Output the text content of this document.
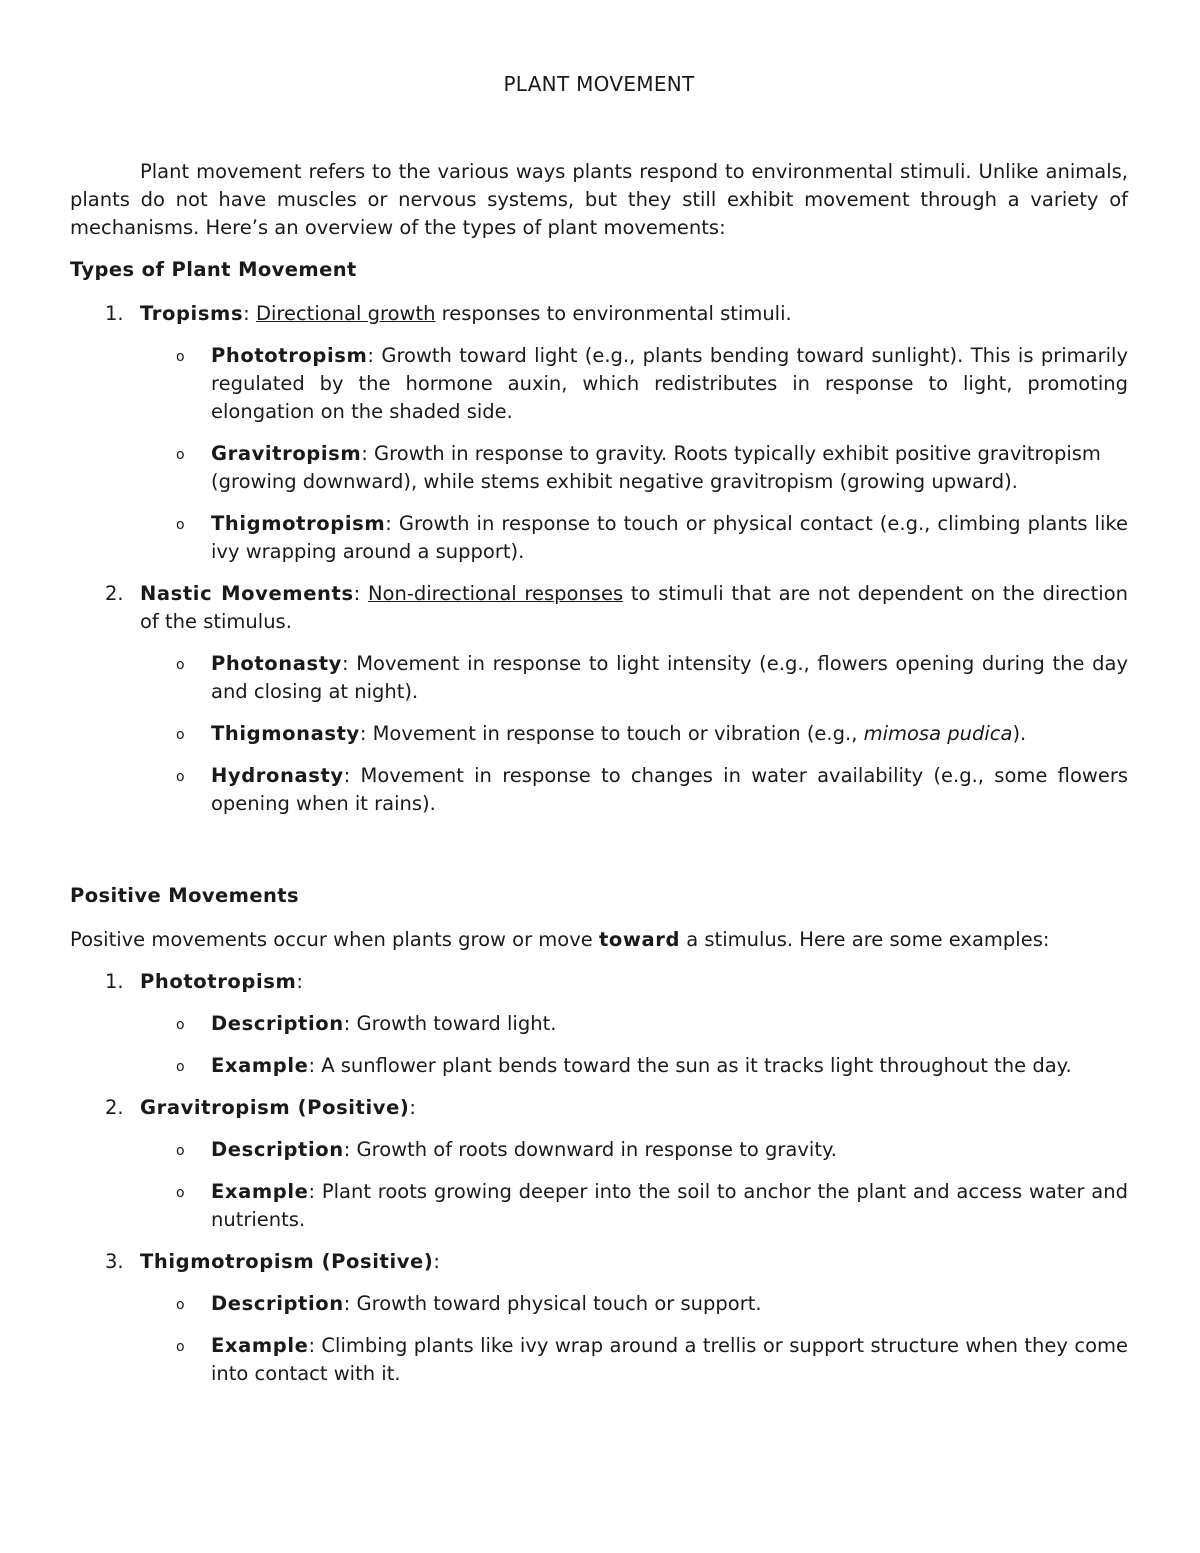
PLANT MOVEMENT

Plant movement refers to the various ways plants respond to environmental stimuli. Unlike animals, plants do not have muscles or nervous systems, but they still exhibit movement through a variety of mechanisms. Here’s an overview of the types of plant movements:

Types of Plant Movement
1. Tropisms: Directional growth responses to environmental stimuli.
o Phototropism: Growth toward light (e.g., plants bending toward sunlight). This is primarily regulated by the hormone auxin, which redistributes in response to light, promoting elongation on the shaded side.
o Gravitropism: Growth in response to gravity. Roots typically exhibit positive gravitropism (growing downward), while stems exhibit negative gravitropism (growing upward).
o Thigmotropism: Growth in response to touch or physical contact (e.g., climbing plants like ivy wrapping around a support).
2. Nastic Movements: Non-directional responses to stimuli that are not dependent on the direction of the stimulus.
o Photonasty: Movement in response to light intensity (e.g., flowers opening during the day and closing at night).
o Thigmonasty: Movement in response to touch or vibration (e.g., mimosa pudica).
o Hydronasty: Movement in response to changes in water availability (e.g., some flowers opening when it rains).
Positive Movements

Positive movements occur when plants grow or move toward a stimulus. Here are some examples:

1. Phototropism:
o Description: Growth toward light.
o Example: A sunflower plant bends toward the sun as it tracks light throughout the day.
2. Gravitropism (Positive):
o Description: Growth of roots downward in response to gravity.
o Example: Plant roots growing deeper into the soil to anchor the plant and access water and nutrients.
3. Thigmotropism (Positive):
o Description: Growth toward physical touch or support.
o Example: Climbing plants like ivy wrap around a trellis or support structure when they come into contact with it.
